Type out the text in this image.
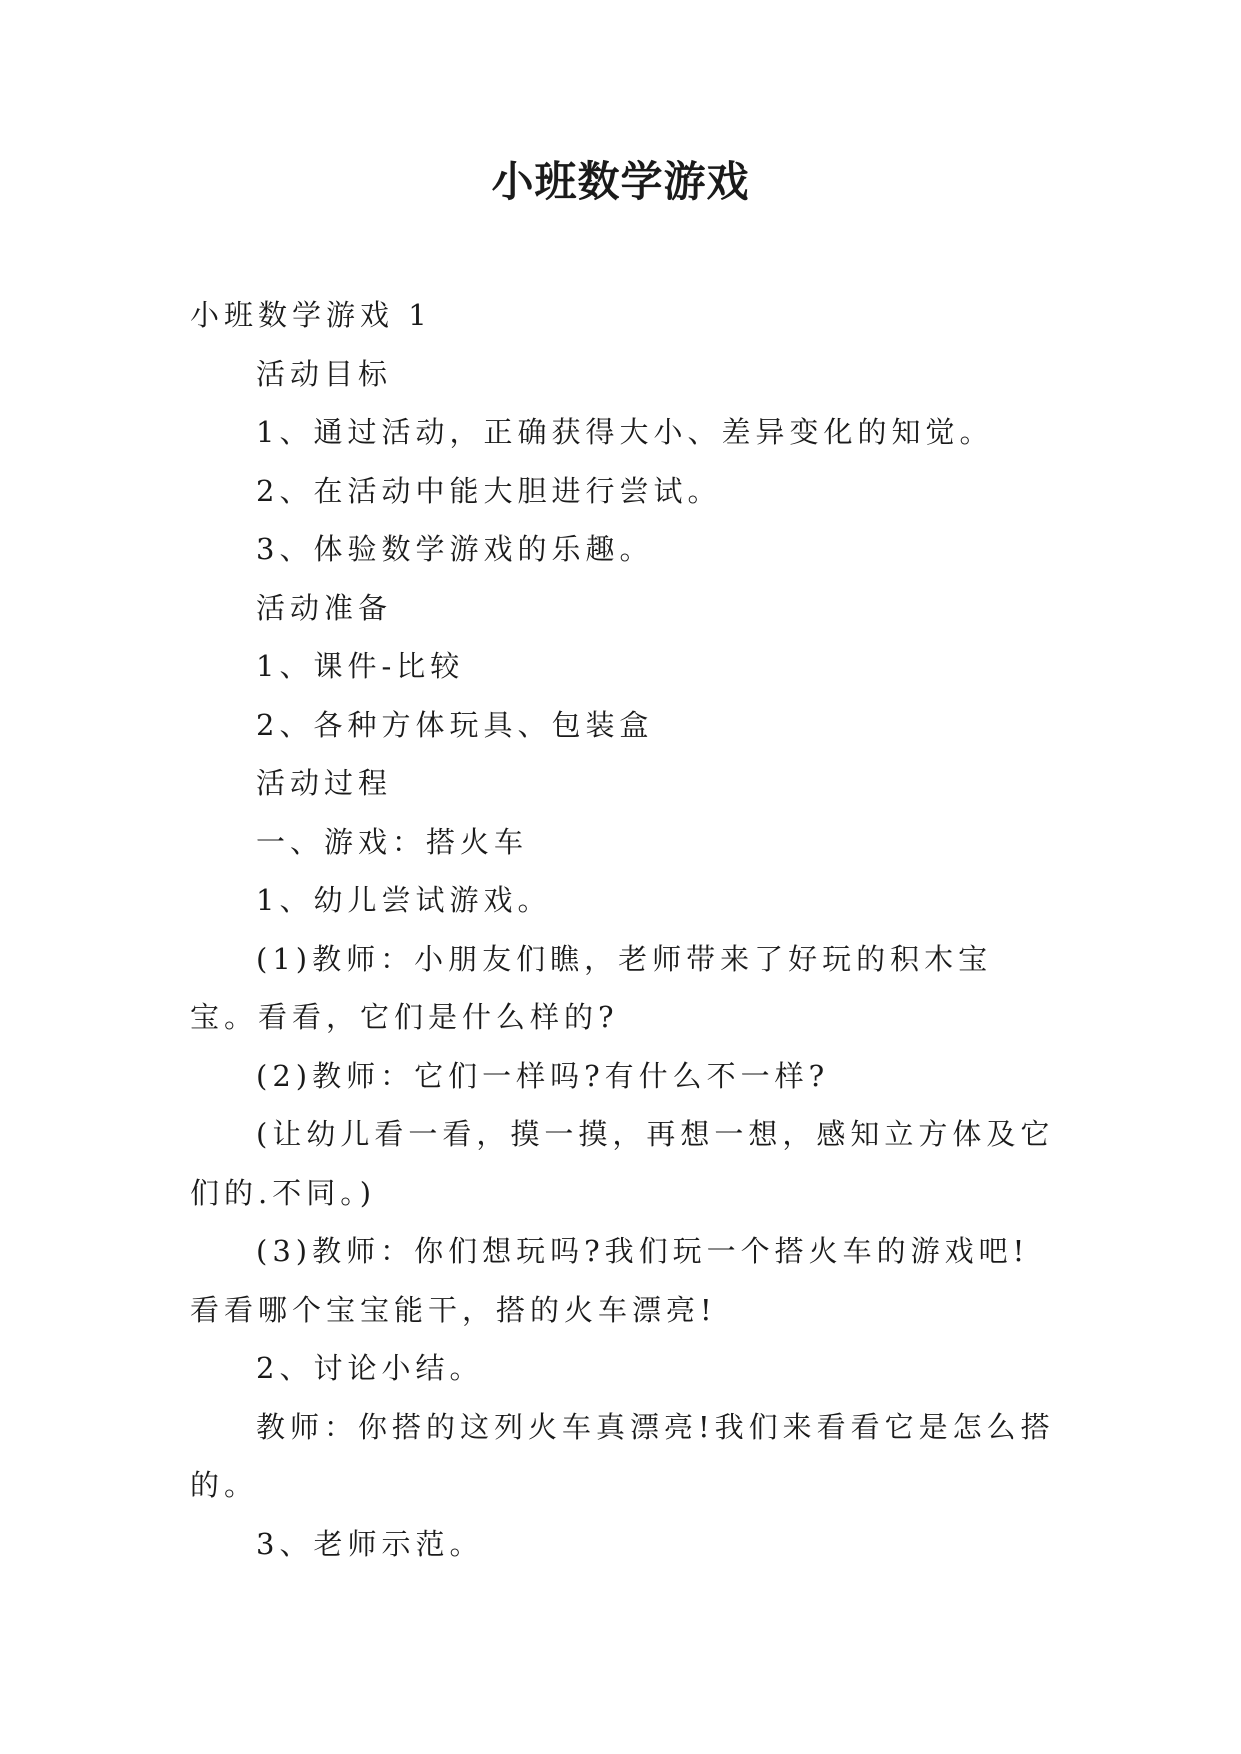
小班数学游戏

小班数学游戏 1

活动目标

1、通过活动，正确获得大小、差异变化的知觉。

2、在活动中能大胆进行尝试。

3、体验数学游戏的乐趣。

活动准备

1、课件-比较

2、各种方体玩具、包装盒

活动过程

一、游戏：搭火车

1、幼儿尝试游戏。

(1)教师：小朋友们瞧，老师带来了好玩的积木宝宝。看看，它们是什么样的?

(2)教师：它们一样吗?有什么不一样?

(让幼儿看一看，摸一摸，再想一想，感知立方体及它们的.不同。)

(3)教师：你们想玩吗?我们玩一个搭火车的游戏吧!看看哪个宝宝能干，搭的火车漂亮!

2、讨论小结。

教师：你搭的这列火车真漂亮!我们来看看它是怎么搭的。

3、老师示范。
